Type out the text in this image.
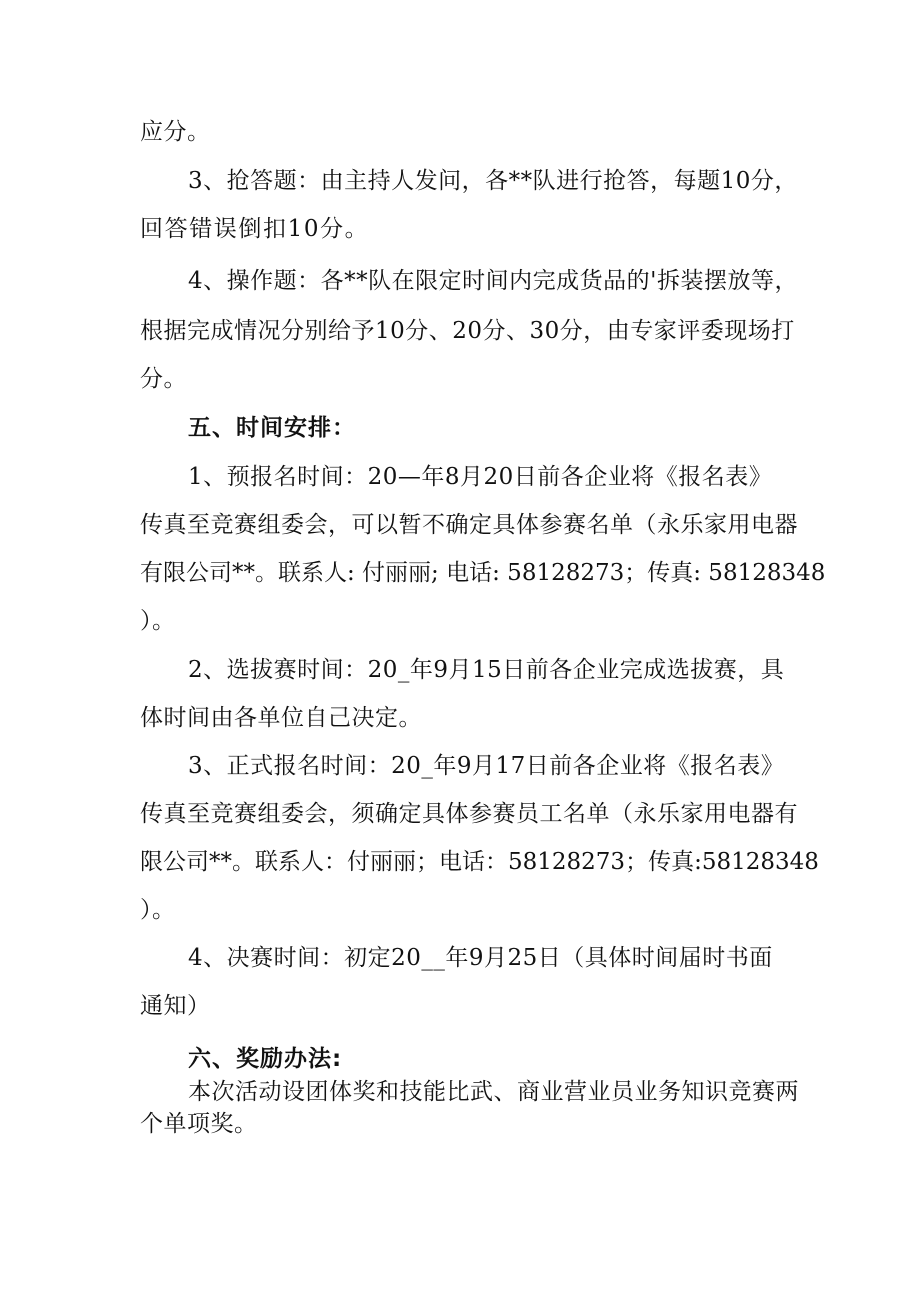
应分。
3、抢答题：由主持人发问，各**队进行抢答，每题10分，
回答错误倒扣10分。
4、操作题：各**队在限定时间内完成货品的'拆装摆放等，
根据完成情况分别给予10分、20分、30分，由专家评委现场打
分。
五、时间安排：
1、预报名时间：20—年8月20日前各企业将《报名表》
传真至竞赛组委会，可以暂不确定具体参赛名单（永乐家用电器
有限公司**。联系人: 付丽丽; 电话: 58128273；传真: 58128348
）。
2、选拔赛时间：20_年9月15日前各企业完成选拔赛，具
体时间由各单位自己决定。
3、正式报名时间：20_年9月17日前各企业将《报名表》
传真至竞赛组委会，须确定具体参赛员工名单（永乐家用电器有
限公司**。联系人：付丽丽；电话：58128273；传真:58128348
）。
4、决赛时间：初定20__年9月25日（具体时间届时书面
通知）
六、奖励办法:
本次活动设团体奖和技能比武、商业营业员业务知识竞赛两
个单项奖。
